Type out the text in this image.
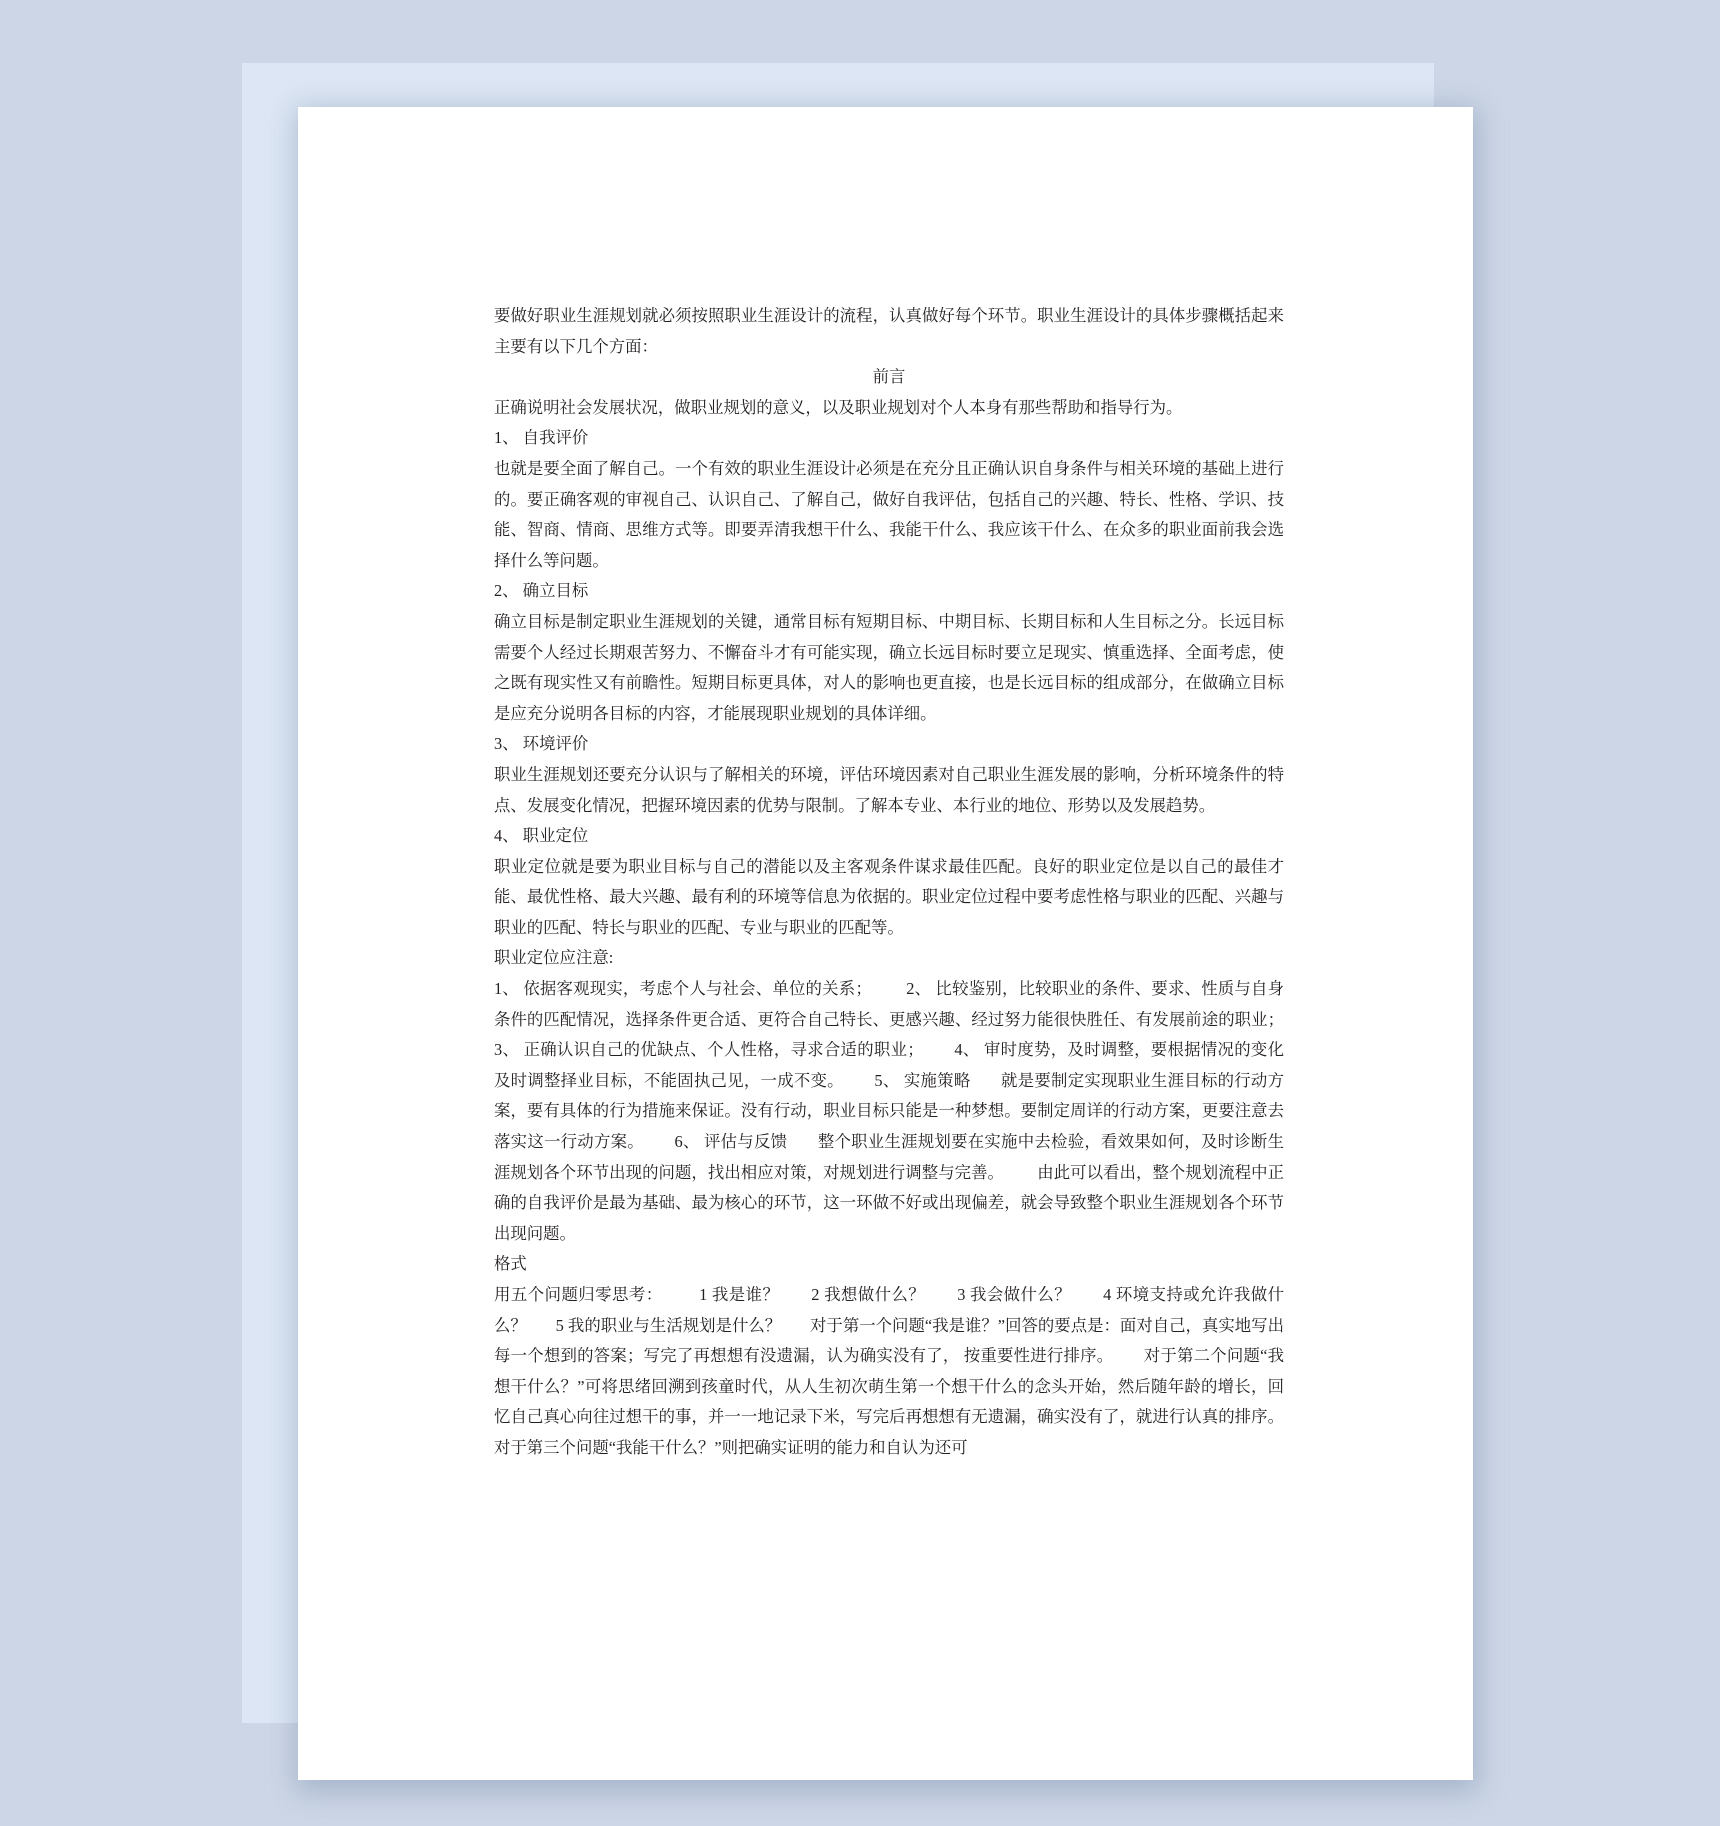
要做好职业生涯规划就必须按照职业生涯设计的流程，认真做好每个环节。职业生涯设计的具体步骤概括起来主要有以下几个方面：

前言

正确说明社会发展状况，做职业规划的意义，以及职业规划对个人本身有那些帮助和指导行为。

1、 自我评价

也就是要全面了解自己。一个有效的职业生涯设计必须是在充分且正确认识自身条件与相关环境的基础上进行的。要正确客观的审视自己、认识自己、了解自己，做好自我评估，包括自己的兴趣、特长、性格、学识、技能、智商、情商、思维方式等。即要弄清我想干什么、我能干什么、我应该干什么、在众多的职业面前我会选择什么等问题。

2、 确立目标

确立目标是制定职业生涯规划的关键，通常目标有短期目标、中期目标、长期目标和人生目标之分。长远目标需要个人经过长期艰苦努力、不懈奋斗才有可能实现，确立长远目标时要立足现实、慎重选择、全面考虑，使之既有现实性又有前瞻性。短期目标更具体，对人的影响也更直接，也是长远目标的组成部分，在做确立目标是应充分说明各目标的内容，才能展现职业规划的具体详细。

3、 环境评价

职业生涯规划还要充分认识与了解相关的环境，评估环境因素对自己职业生涯发展的影响，分析环境条件的特点、发展变化情况，把握环境因素的优势与限制。了解本专业、本行业的地位、形势以及发展趋势。

4、 职业定位

职业定位就是要为职业目标与自己的潜能以及主客观条件谋求最佳匹配。良好的职业定位是以自己的最佳才能、最优性格、最大兴趣、最有利的环境等信息为依据的。职业定位过程中要考虑性格与职业的匹配、兴趣与职业的匹配、特长与职业的匹配、专业与职业的匹配等。

职业定位应注意:

1、 依据客观现实，考虑个人与社会、单位的关系；        2、 比较鉴别，比较职业的条件、要求、性质与自身条件的匹配情况，选择条件更合适、更符合自己特长、更感兴趣、经过努力能很快胜任、有发展前途的职业；        3、 正确认识自己的优缺点、个人性格，寻求合适的职业；       4、 审时度势，及时调整，要根据情况的变化及时调整择业目标，不能固执己见，一成不变。       5、 实施策略       就是要制定实现职业生涯目标的行动方案，要有具体的行为措施来保证。没有行动，职业目标只能是一种梦想。要制定周详的行动方案，更要注意去落实这一行动方案。       6、 评估与反馈       整个职业生涯规划要在实施中去检验，看效果如何，及时诊断生涯规划各个环节出现的问题，找出相应对策，对规划进行调整与完善。        由此可以看出，整个规划流程中正确的自我评价是最为基础、最为核心的环节，这一环做不好或出现偏差，就会导致整个职业生涯规划各个环节出现问题。

格式

用五个问题归零思考：        1 我是谁？       2 我想做什么？       3 我会做什么？       4 环境支持或允许我做什么？       5 我的职业与生活规划是什么？       对于第一个问题“我是谁？”回答的要点是：面对自己，真实地写出每一个想到的答案；写完了再想想有没遗漏，认为确实没有了， 按重要性进行排序。       对于第二个问题“我想干什么？”可将思绪回溯到孩童时代，从人生初次萌生第一个想干什么的念头开始，然后随年龄的增长，回忆自己真心向往过想干的事，并一一地记录下米，写完后再想想有无遗漏，确实没有了，就进行认真的排序。       对于第三个问题“我能干什么？”则把确实证明的能力和自认为还可
